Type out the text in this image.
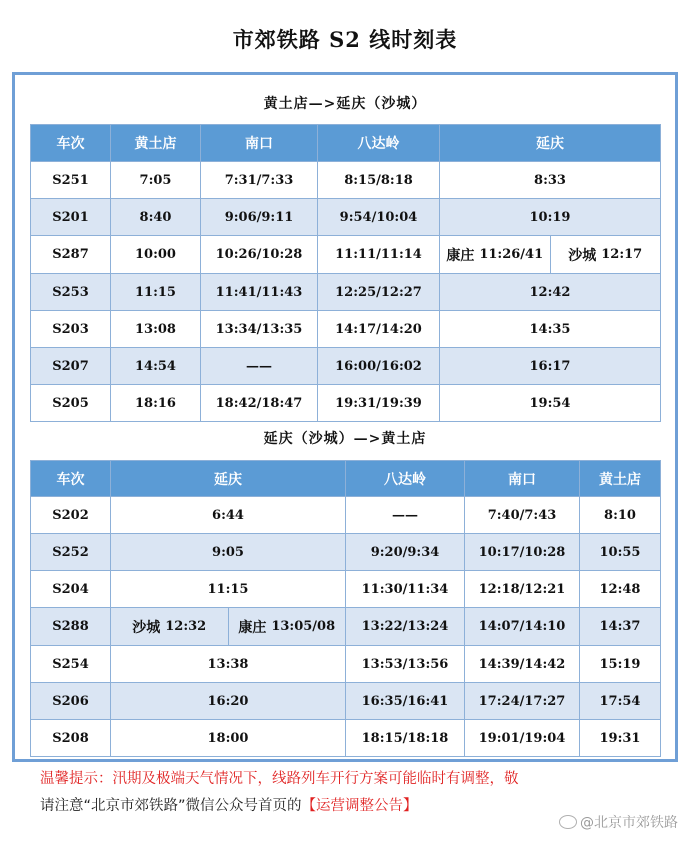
市郊铁路 S2 线时刻表
黄土店—>延庆（沙城）
车次	黄土店	南口	八达岭	延庆
S251	7:05	7:31/7:33	8:15/8:18	8:33
S201	8:40	9:06/9:11	9:54/10:04	10:19
S287	10:00	10:26/10:28	11:11/11:14	康庄 11:26/41 沙城 12:17

S253	11:15	11:41/11:43	12:25/12:27	12:42
S203	13:08	13:34/13:35	14:17/14:20	14:35
S207	14:54	——	16:00/16:02	16:17
S205	18:16	18:42/18:47	19:31/19:39	19:54
延庆（沙城）—>黄土店
车次	延庆	八达岭	南口	黄土店
S202	6:44	——	7:40/7:43	8:10
S252	9:05	9:20/9:34	10:17/10:28	10:55
S204	11:15	11:30/11:34	12:18/12:21	12:48
S288	沙城 12:32 康庄 13:05/08	13:22/13:24	14:07/14:10	14:37
S254	13:38	13:53/13:56	14:39/14:42	15:19
S206	16:20	16:35/16:41	17:24/17:27	17:54
S208	18:00	18:15/18:18	19:01/19:04	19:31
温馨提示：汛期及极端天气情况下，线路列车开行方案可能临时有调整，敬
请注意“北京市郊铁路”微信公众号首页的【运营调整公告】
@北京市郊铁路
